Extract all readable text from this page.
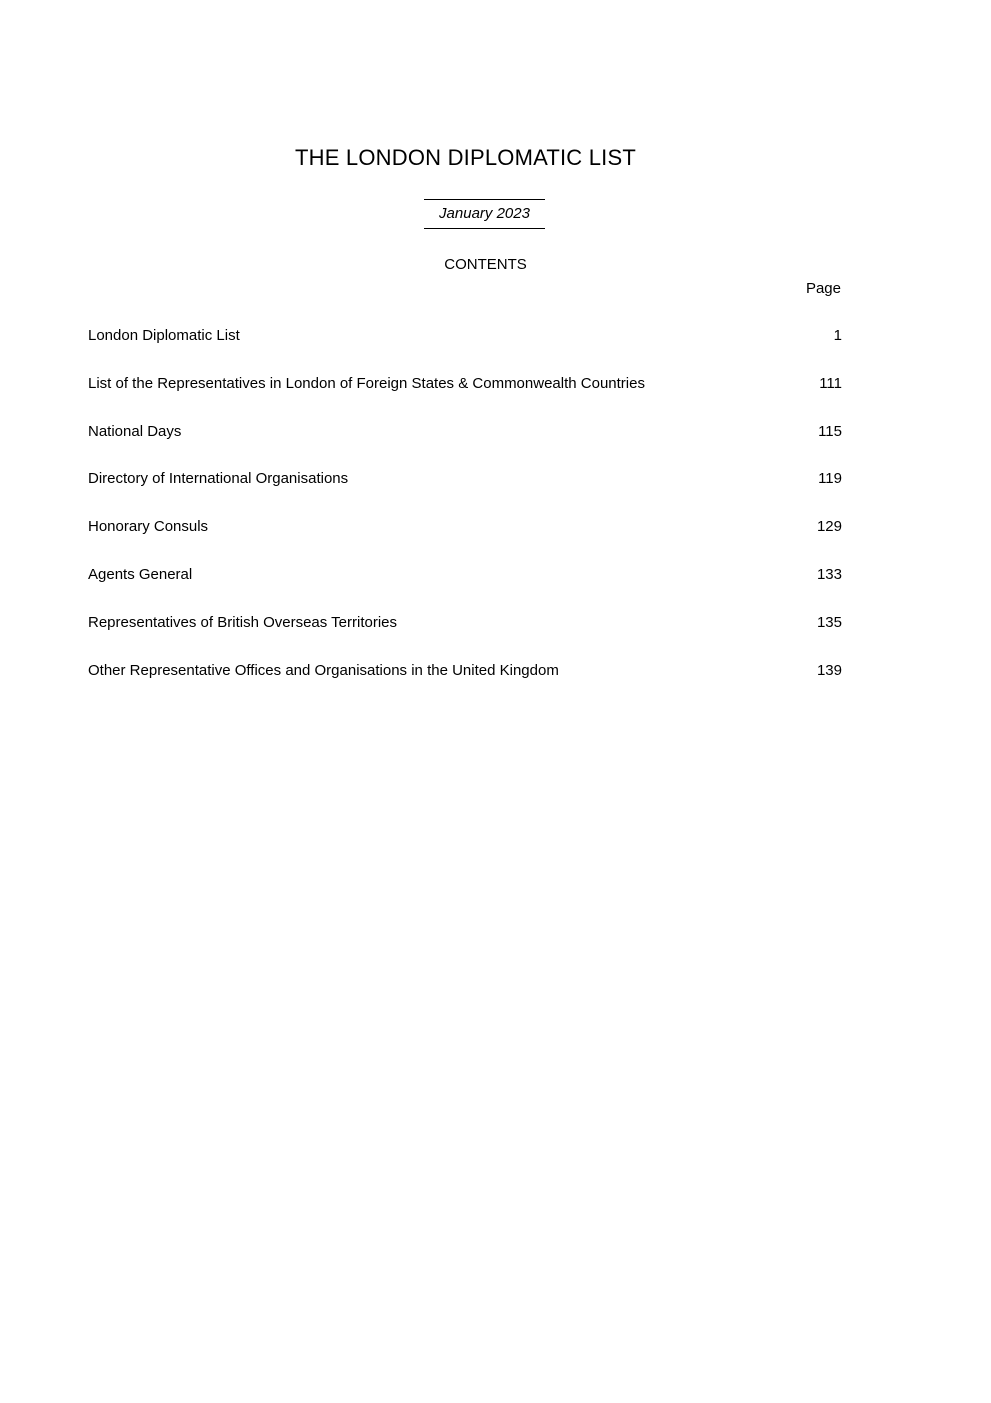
THE LONDON DIPLOMATIC LIST
January 2023
CONTENTS
Page
London Diplomatic List	1
List of the Representatives in London of Foreign States & Commonwealth Countries	111
National Days	115
Directory of International Organisations	119
Honorary Consuls	129
Agents General	133
Representatives of British Overseas Territories	135
Other Representative Offices and Organisations in the United Kingdom	139
